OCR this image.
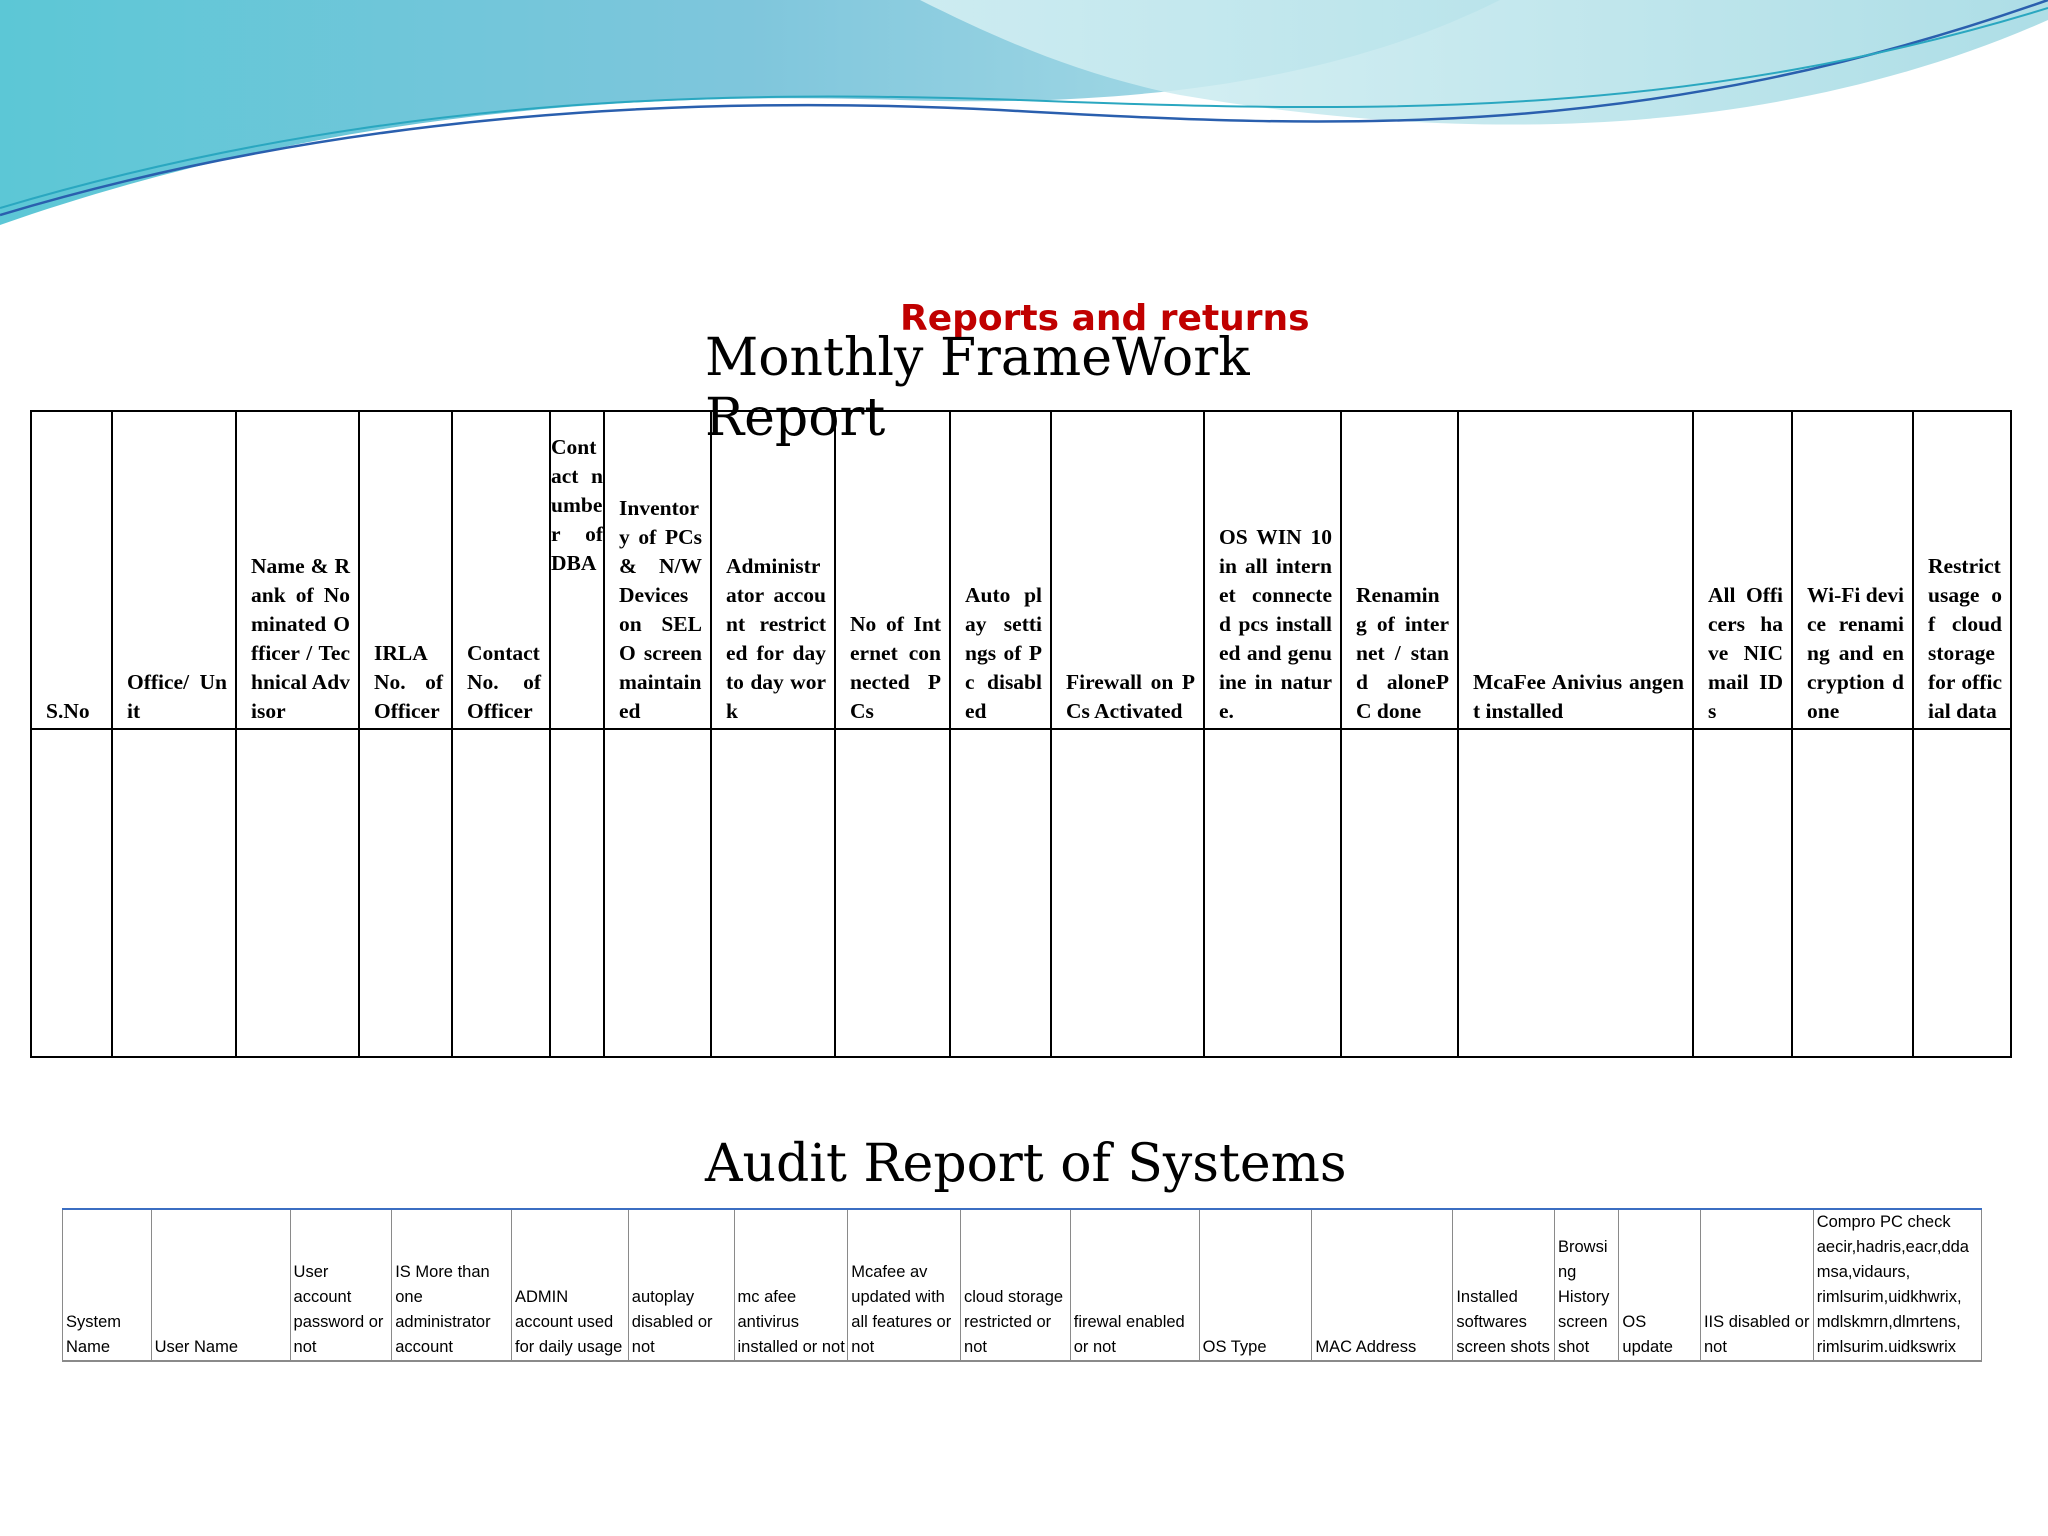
Reports and returns
Monthly FrameWork Report
S.No	Office/ Unit	Name & Rank of Nominated Officer / Technical Advisor	IRLA No. of Officer	Contact No. of Officer	Contact number of DBA	Inventory of PCs & N/W Devices on SELO screen maintained	Administrator account restricted for day to day work	No of Internet connected PCs	Auto play settings of Pc disabled	Firewall on PCs Activated	OS WIN 10 in all internet connected pcs installed and genuine in nature.	Renaming of internet / stand alonePC done	McaFee Anivius angent installed	All Officers have NIC mail IDs	Wi-Fi device renaming and encryption done	Restrict usage of cloud storage for official data

Audit Report of Systems
System Name	User Name	User account password or not	IS More than one administrator account	ADMIN account used for daily usage	autoplay disabled or not	mc afee antivirus installed or not	Mcafee av updated with all features or not	cloud storage restricted or not	firewal enabled or not	OS Type	MAC Address	Installed softwares screen shots	Browsing History screen shot	OS update	IIS disabled or not	Compro PC check aecir,hadris,eacr,ddamsa,vidaurs, rimlsurim,uidkhwrix, mdlskmrn,dlmrtens, rimlsurim.uidkswrix
